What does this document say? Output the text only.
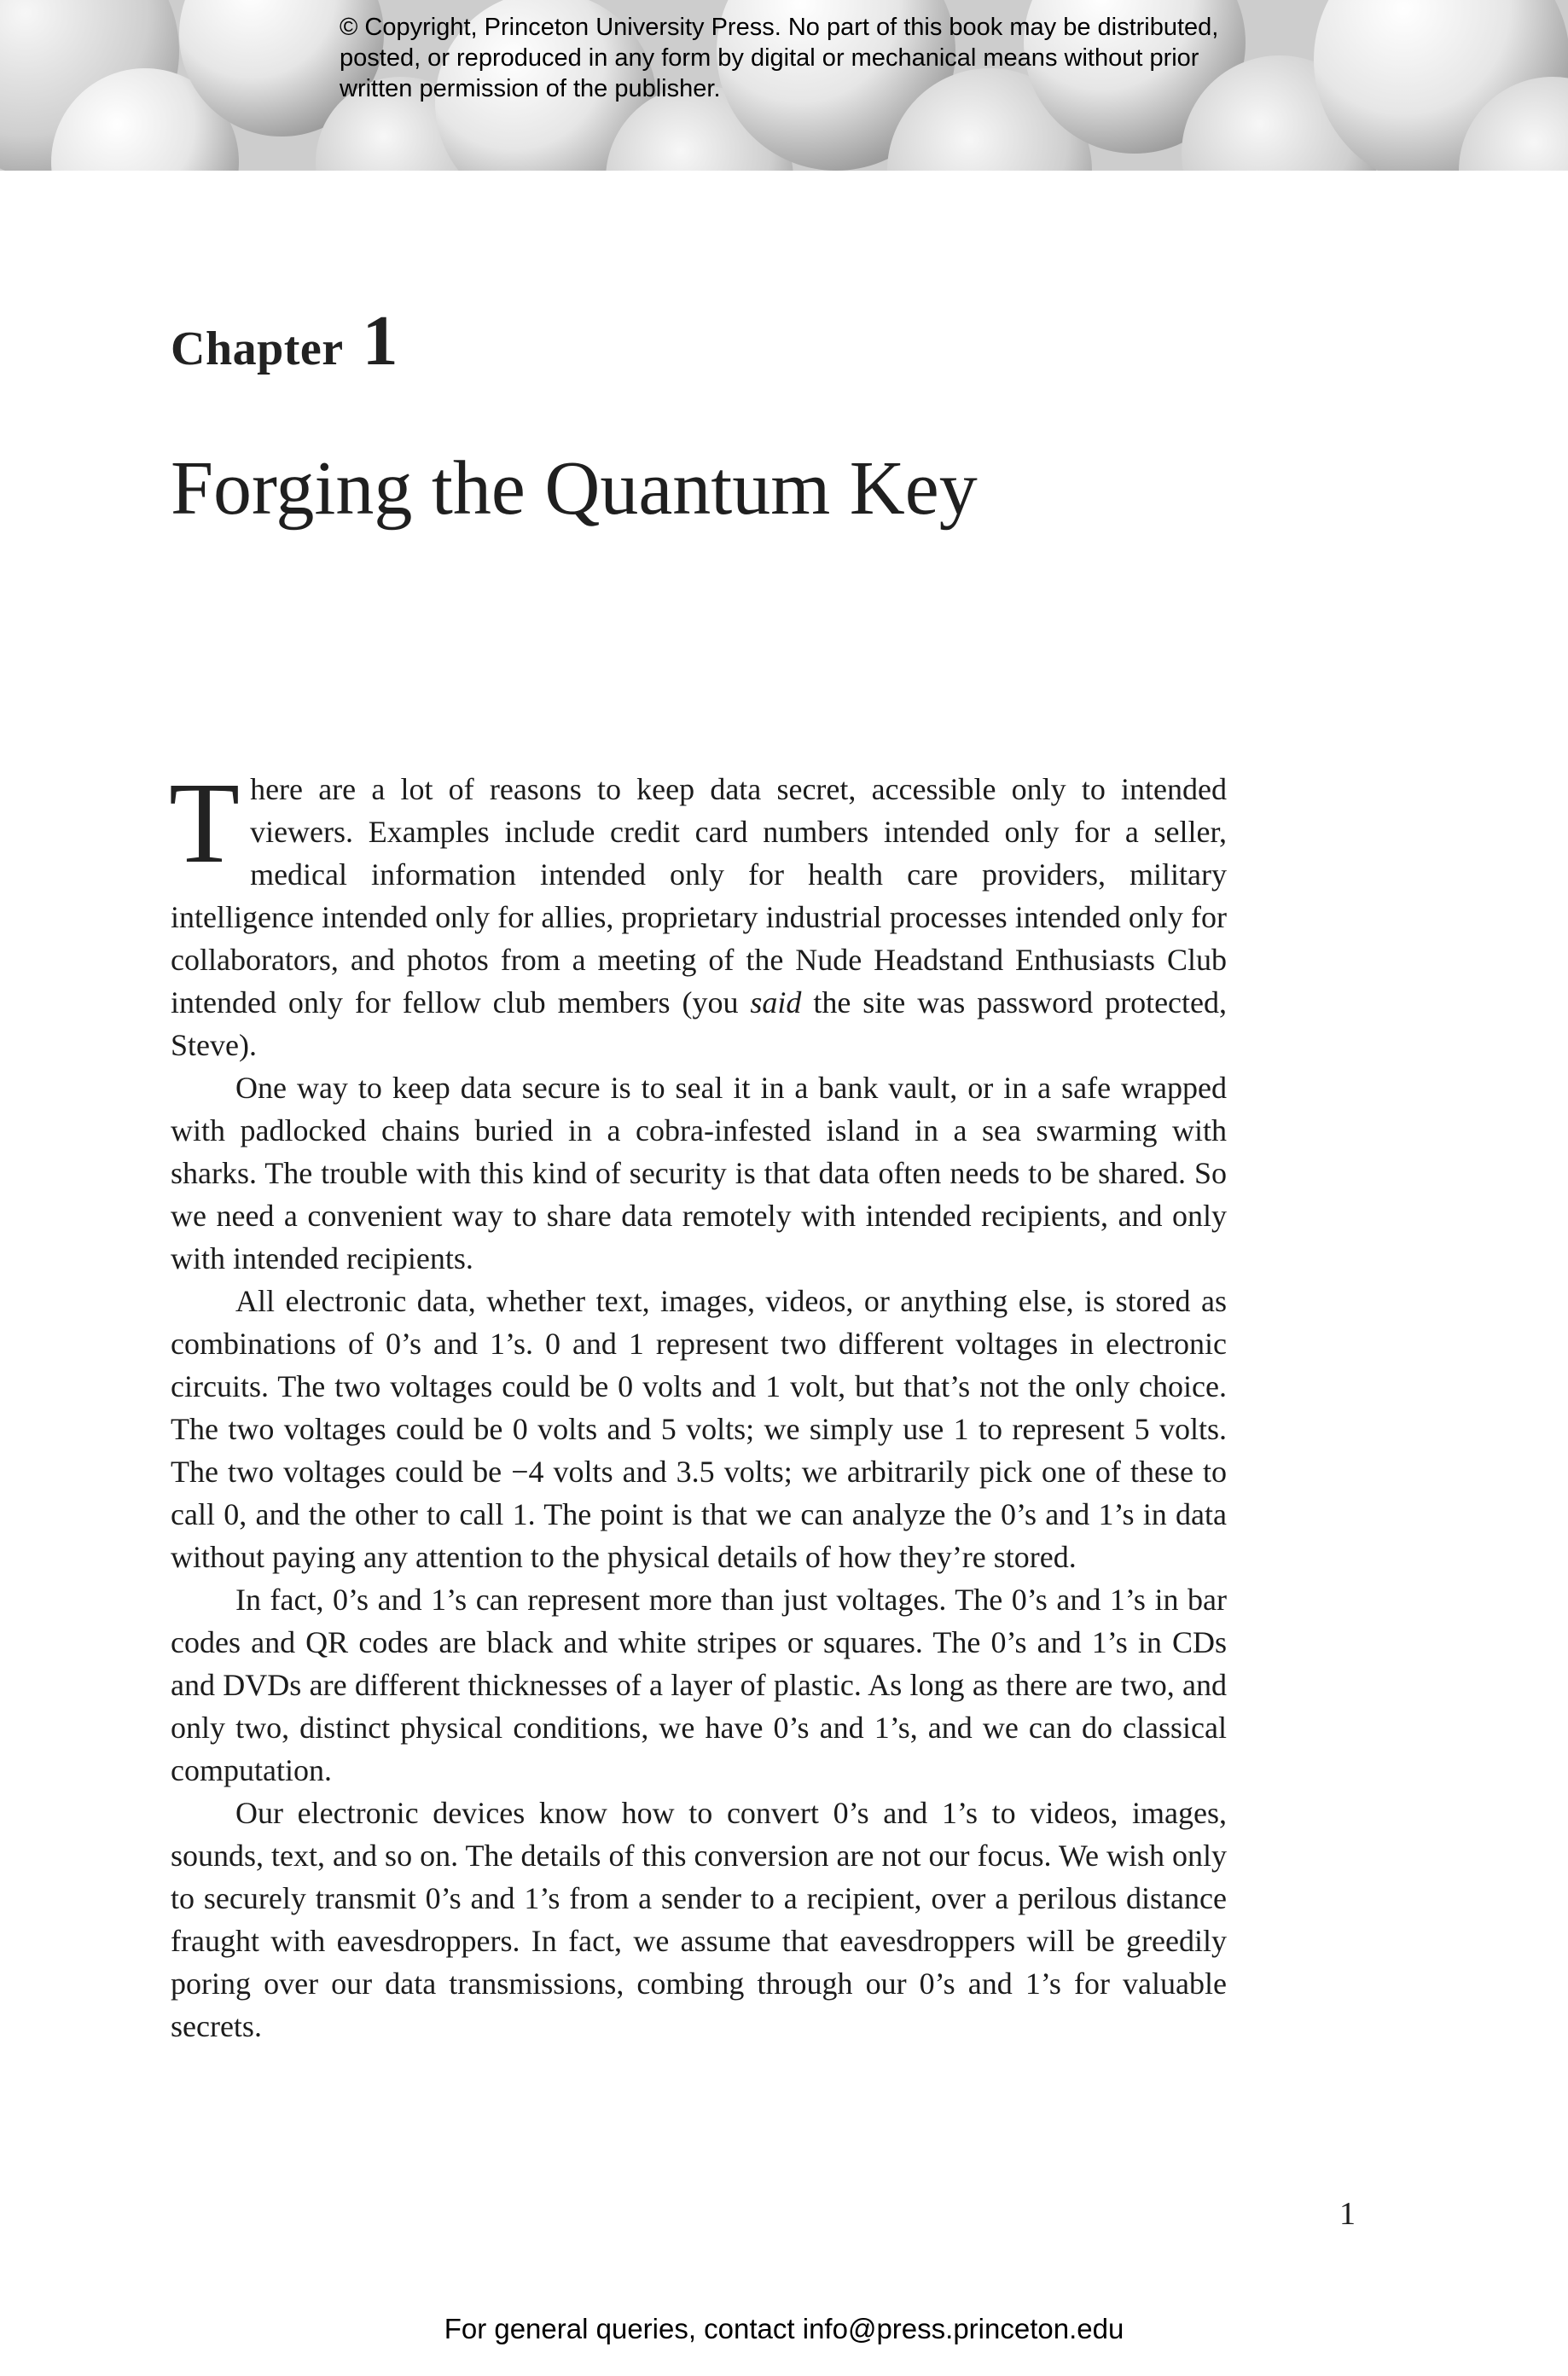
© Copyright, Princeton University Press. No part of this book may be distributed, posted, or reproduced in any form by digital or mechanical means without prior written permission of the publisher.

Chapter 1
Forging the Quantum Key

There are a lot of reasons to keep data secret, accessible only to intended viewers. Examples include credit card numbers intended only for a seller, medical information intended only for health care providers, military intelligence intended only for allies, proprietary industrial processes intended only for collaborators, and photos from a meeting of the Nude Headstand Enthusiasts Club intended only for fellow club members (you said the site was password protected, Steve).

One way to keep data secure is to seal it in a bank vault, or in a safe wrapped with padlocked chains buried in a cobra-infested island in a sea swarming with sharks. The trouble with this kind of security is that data often needs to be shared. So we need a convenient way to share data remotely with intended recipients, and only with intended recipients.

All electronic data, whether text, images, videos, or anything else, is stored as combinations of 0’s and 1’s. 0 and 1 represent two different voltages in electronic circuits. The two voltages could be 0 volts and 1 volt, but that’s not the only choice. The two voltages could be 0 volts and 5 volts; we simply use 1 to represent 5 volts. The two voltages could be −4 volts and 3.5 volts; we arbitrarily pick one of these to call 0, and the other to call 1. The point is that we can analyze the 0’s and 1’s in data without paying any attention to the physical details of how they’re stored.

In fact, 0’s and 1’s can represent more than just voltages. The 0’s and 1’s in bar codes and QR codes are black and white stripes or squares. The 0’s and 1’s in CDs and DVDs are different thicknesses of a layer of plastic. As long as there are two, and only two, distinct physical conditions, we have 0’s and 1’s, and we can do classical computation.

Our electronic devices know how to convert 0’s and 1’s to videos, images, sounds, text, and so on. The details of this conversion are not our focus. We wish only to securely transmit 0’s and 1’s from a sender to a recipient, over a perilous distance fraught with eavesdroppers. In fact, we assume that eavesdroppers will be greedily poring over our data transmissions, combing through our 0’s and 1’s for valuable secrets.

1

For general queries, contact info@press.princeton.edu
